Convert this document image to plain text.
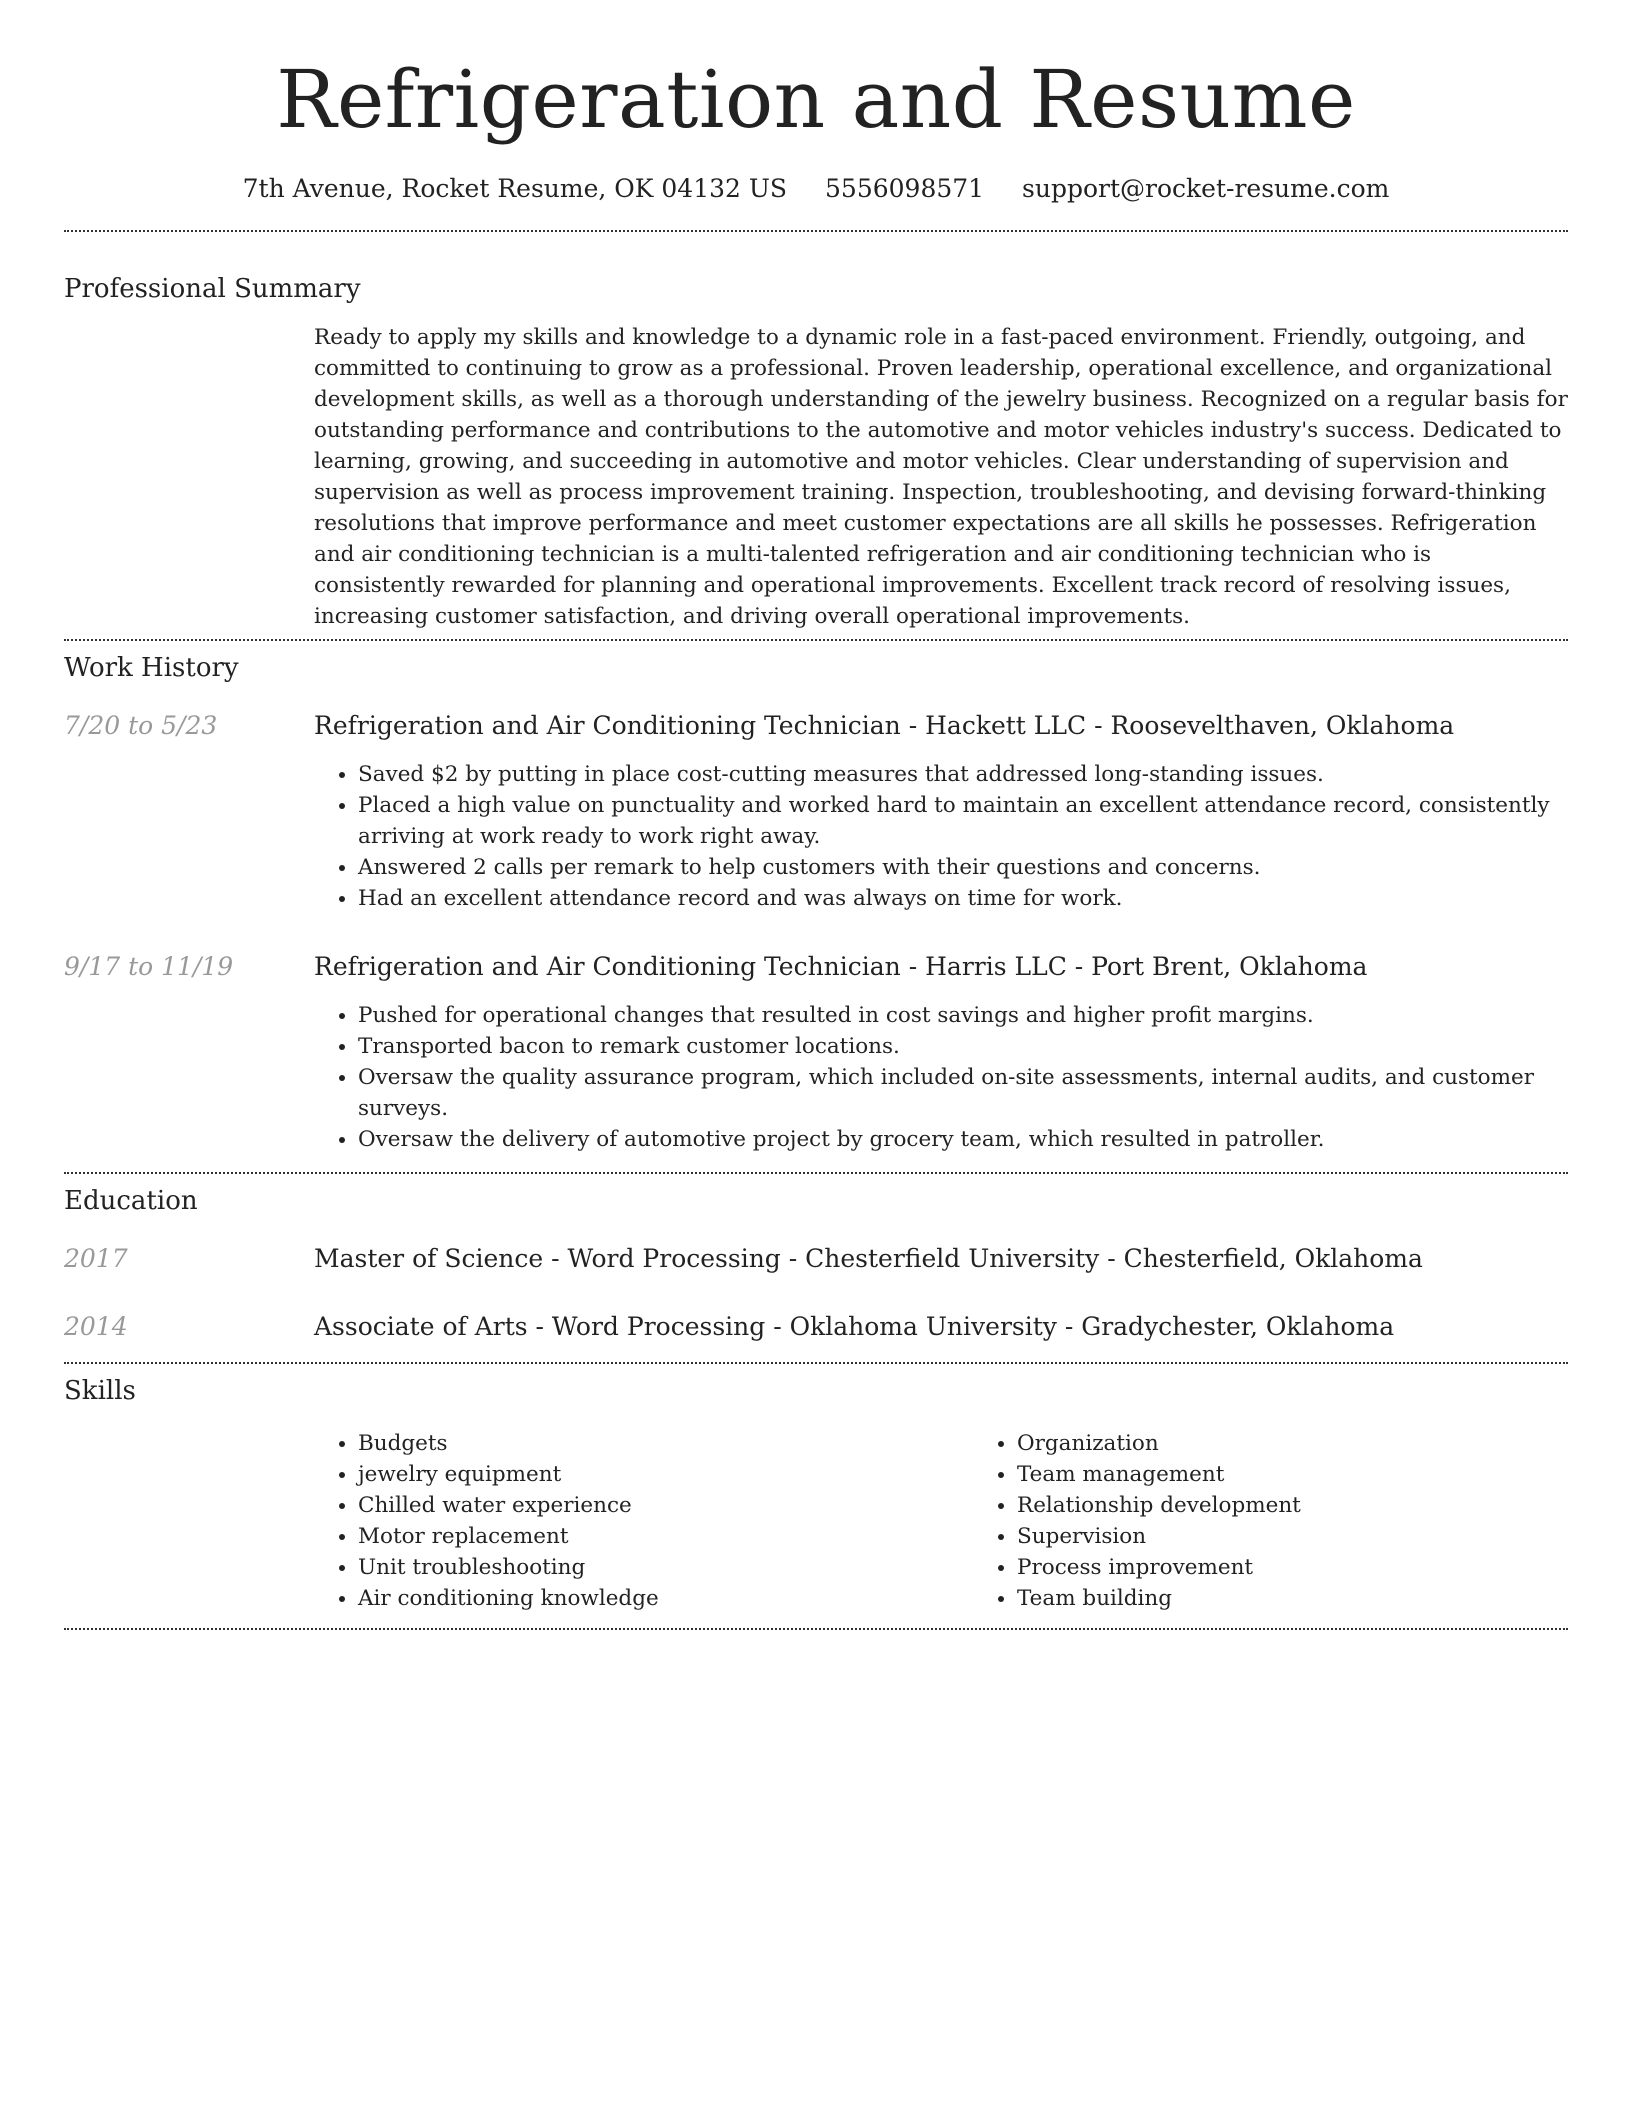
Refrigeration and Resume
7th Avenue, Rocket Resume, OK 04132 US 5556098571 support@rocket-resume.com
Professional Summary
Ready to apply my skills and knowledge to a dynamic role in a fast-paced environment. Friendly, outgoing, and committed to continuing to grow as a professional. Proven leadership, operational excellence, and organizational development skills, as well as a thorough understanding of the jewelry business. Recognized on a regular basis for outstanding performance and contributions to the automotive and motor vehicles industry's success. Dedicated to learning, growing, and succeeding in automotive and motor vehicles. Clear understanding of supervision and supervision as well as process improvement training. Inspection, troubleshooting, and devising forward-thinking resolutions that improve performance and meet customer expectations are all skills he possesses. Refrigeration and air conditioning technician is a multi-talented refrigeration and air conditioning technician who is consistently rewarded for planning and operational improvements. Excellent track record of resolving issues, increasing customer satisfaction, and driving overall operational improvements.
Work History
7/20 to 5/23	Refrigeration and Air Conditioning Technician - Hackett LLC - Roosevelthaven, Oklahoma
• Saved $2 by putting in place cost-cutting measures that addressed long-standing issues.
• Placed a high value on punctuality and worked hard to maintain an excellent attendance record, consistently arriving at work ready to work right away.
• Answered 2 calls per remark to help customers with their questions and concerns.
• Had an excellent attendance record and was always on time for work.
9/17 to 11/19	Refrigeration and Air Conditioning Technician - Harris LLC - Port Brent, Oklahoma
• Pushed for operational changes that resulted in cost savings and higher profit margins.
• Transported bacon to remark customer locations.
• Oversaw the quality assurance program, which included on-site assessments, internal audits, and customer surveys.
• Oversaw the delivery of automotive project by grocery team, which resulted in patroller.
Education
2017	Master of Science - Word Processing - Chesterfield University - Chesterfield, Oklahoma
2014	Associate of Arts - Word Processing - Oklahoma University - Gradychester, Oklahoma
Skills
• Budgets
• jewelry equipment
• Chilled water experience
• Motor replacement
• Unit troubleshooting
• Air conditioning knowledge
• Organization
• Team management
• Relationship development
• Supervision
• Process improvement
• Team building
